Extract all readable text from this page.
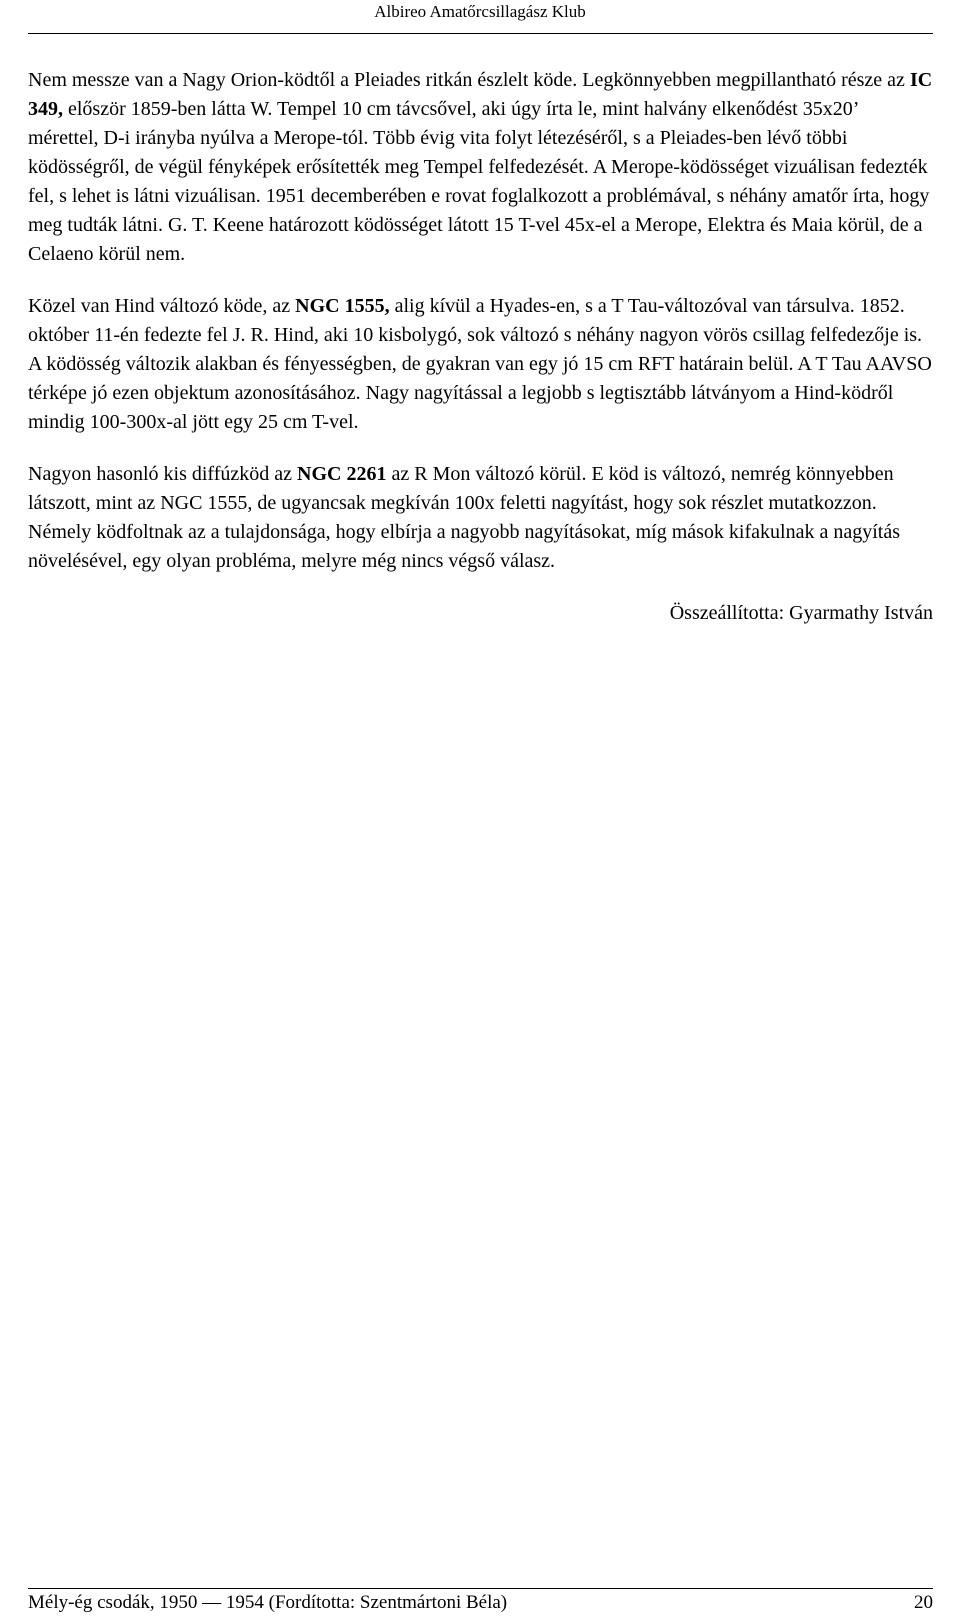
Albireo Amatőrcsillagász Klub

Nem messze van a Nagy Orion-ködtől a Pleiades ritkán észlelt köde. Legkönnyebben megpillantható része az IC 349, először 1859-ben látta W. Tempel 10 cm távcsővel, aki úgy írta le, mint halvány elkenődést 35x20’ mérettel, D-i irányba nyúlva a Merope-tól. Több évig vita folyt létezéséről, s a Pleiades-ben lévő többi ködösségről, de végül fényképek erősítették meg Tempel felfedezését. A Merope-ködösséget vizuálisan fedezték fel, s lehet is látni vizuálisan. 1951 decemberében e rovat foglalkozott a problémával, s néhány amatőr írta, hogy meg tudták látni. G. T. Keene határozott ködösséget látott 15 T-vel 45x-el a Merope, Elektra és Maia körül, de a Celaeno körül nem.

Közel van Hind változó köde, az NGC 1555, alig kívül a Hyades-en, s a T Tau-változóval van társulva. 1852. október 11-én fedezte fel J. R. Hind, aki 10 kisbolygó, sok változó s néhány nagyon vörös csillag felfedezője is. A ködösség változik alakban és fényességben, de gyakran van egy jó 15 cm RFT határain belül. A T Tau AAVSO térképe jó ezen objektum azonosításához. Nagy nagyítással a legjobb s legtisztább látványom a Hind-ködről mindig 100-300x-al jött egy 25 cm T-vel.

Nagyon hasonló kis diffúzköd az NGC 2261 az R Mon változó körül. E köd is változó, nemrég könnyebben látszott, mint az NGC 1555, de ugyancsak megkíván 100x feletti nagyítást, hogy sok részlet mutatkozzon. Némely ködfoltnak az a tulajdonsága, hogy elbírja a nagyobb nagyításokat, míg mások kifakulnak a nagyítás növelésével, egy olyan probléma, melyre még nincs végső válasz.

Összeállította: Gyarmathy István
Mély-ég csodák, 1950 — 1954 (Fordította: Szentmártoni Béla)	20
